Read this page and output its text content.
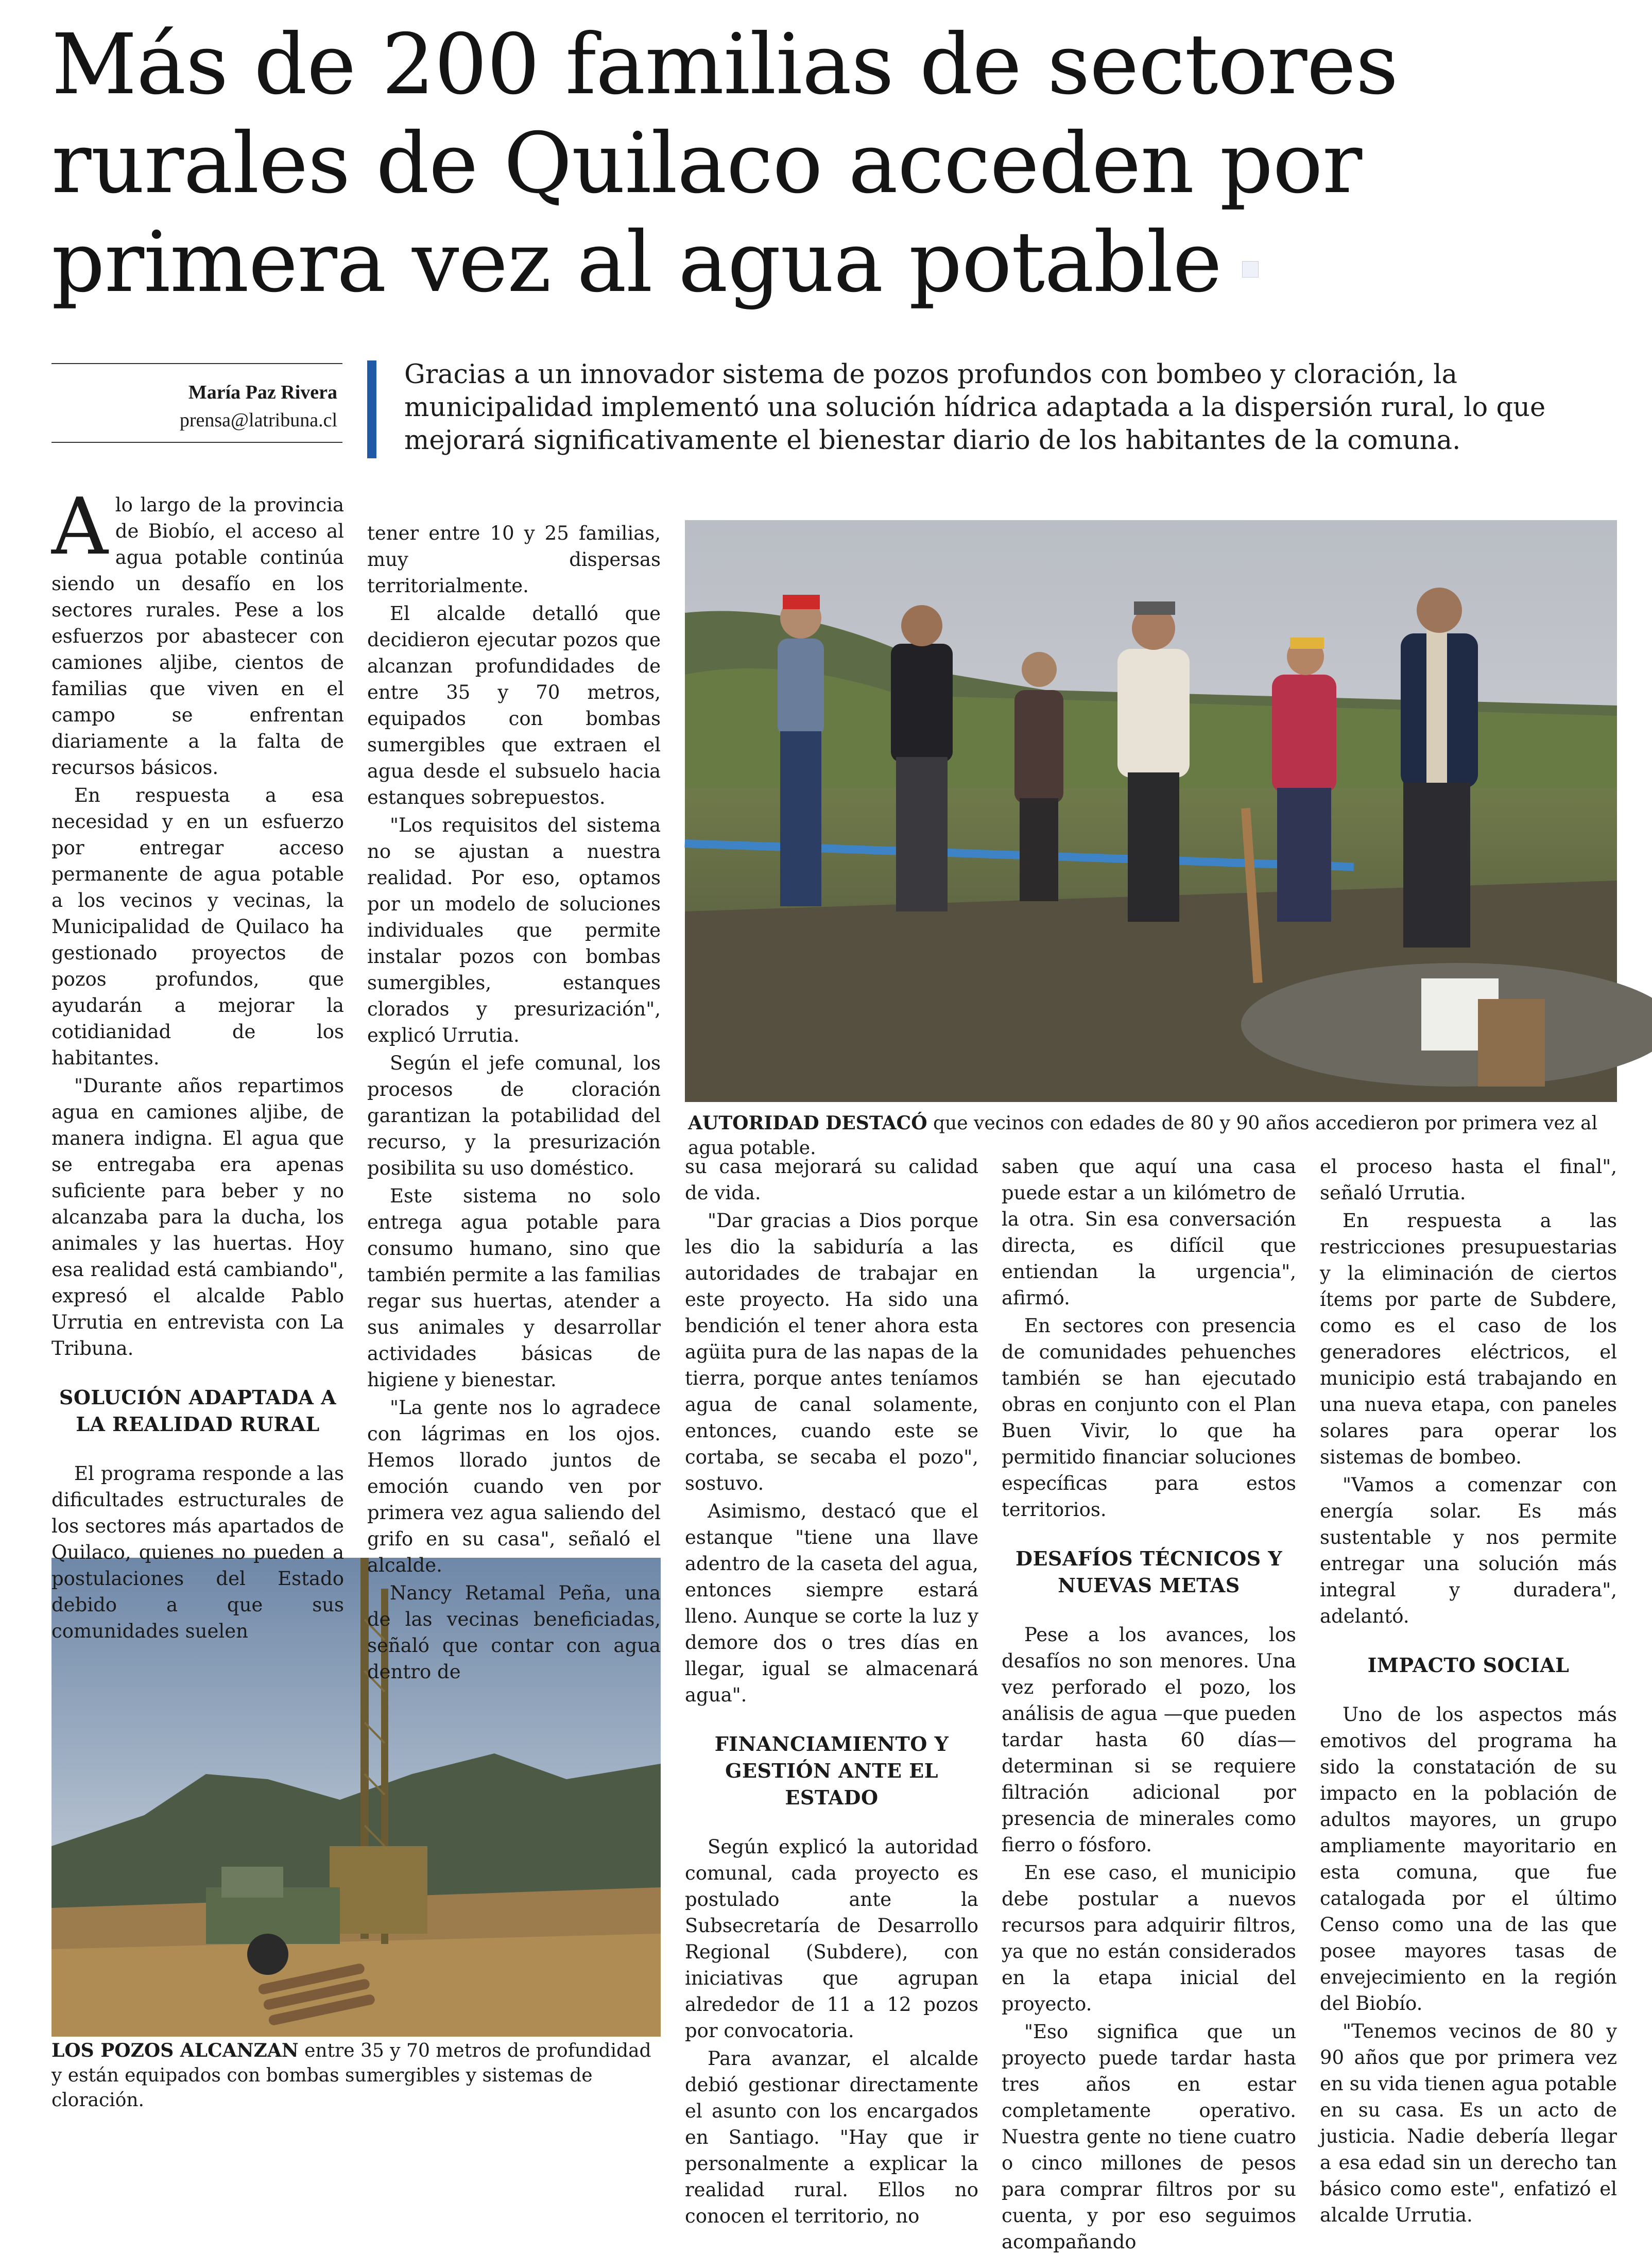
Más de 200 familias de sectores rurales de Quilaco acceden por primera vez al agua potable
María Paz Rivera
prensa@latribuna.cl

Gracias a un innovador sistema de pozos profundos con bombeo y cloración, la municipalidad implementó una solución hídrica adaptada a la dispersión rural, lo que mejorará significativamente el bienestar diario de los habitantes de la comuna.

AUTORIDAD DESTACÓ que vecinos con edades de 80 y 90 años accedieron por primera vez al agua potable.
LOS POZOS ALCANZAN entre 35 y 70 metros de profundidad y están equipados con bombas sumergibles y sistemas de cloración.

Alo largo de la provincia de Biobío, el acceso al agua potable continúa siendo un desafío en los sectores rurales. Pese a los esfuerzos por abastecer con camiones aljibe, cientos de familias que viven en el campo se enfrentan diariamente a la falta de recursos básicos.

En respuesta a esa necesidad y en un esfuerzo por entregar acceso permanente de agua potable a los vecinos y vecinas, la Municipalidad de Quilaco ha gestionado proyectos de pozos profundos, que ayudarán a mejorar la cotidianidad de los habitantes.

"Durante años repartimos agua en camiones aljibe, de manera indigna. El agua que se entregaba era apenas suficiente para beber y no alcanzaba para la ducha, los animales y las huertas. Hoy esa realidad está cambiando", expresó el alcalde Pablo Urrutia en entrevista con La Tribuna.

SOLUCIÓN ADAPTADA A LA REALIDAD RURAL

El programa responde a las dificultades estructurales de los sectores más apartados de Quilaco, quienes no pueden a postulaciones del Estado debido a que sus comunidades suelen

tener entre 10 y 25 familias, muy dispersas territorialmente.

El alcalde detalló que decidieron ejecutar pozos que alcanzan profundidades de entre 35 y 70 metros, equipados con bombas sumergibles que extraen el agua desde el subsuelo hacia estanques sobrepuestos.

"Los requisitos del sistema no se ajustan a nuestra realidad. Por eso, optamos por un modelo de soluciones individuales que permite instalar pozos con bombas sumergibles, estanques clorados y presurización", explicó Urrutia.

Según el jefe comunal, los procesos de cloración garantizan la potabilidad del recurso, y la presurización posibilita su uso doméstico.

Este sistema no solo entrega agua potable para consumo humano, sino que también permite a las familias regar sus huertas, atender a sus animales y desarrollar actividades básicas de higiene y bienestar.

"La gente nos lo agradece con lágrimas en los ojos. Hemos llorado juntos de emoción cuando ven por primera vez agua saliendo del grifo en su casa", señaló el alcalde.

Nancy Retamal Peña, una de las vecinas beneficiadas, señaló que contar con agua dentro de

su casa mejorará su calidad de vida.

"Dar gracias a Dios porque les dio la sabiduría a las autoridades de trabajar en este proyecto. Ha sido una bendición el tener ahora esta agüita pura de las napas de la tierra, porque antes teníamos agua de canal solamente, entonces, cuando este se cortaba, se secaba el pozo", sostuvo.

Asimismo, destacó que el estanque "tiene una llave adentro de la caseta del agua, entonces siempre estará lleno. Aunque se corte la luz y demore dos o tres días en llegar, igual se almacenará agua".

FINANCIAMIENTO Y GESTIÓN ANTE EL ESTADO

Según explicó la autoridad comunal, cada proyecto es postulado ante la Subsecretaría de Desarrollo Regional (Subdere), con iniciativas que agrupan alrededor de 11 a 12 pozos por convocatoria.

Para avanzar, el alcalde debió gestionar directamente el asunto con los encargados en Santiago. "Hay que ir personalmente a explicar la realidad rural. Ellos no conocen el territorio, no

saben que aquí una casa puede estar a un kilómetro de la otra. Sin esa conversación directa, es difícil que entiendan la urgencia", afirmó.

En sectores con presencia de comunidades pehuenches también se han ejecutado obras en conjunto con el Plan Buen Vivir, lo que ha permitido financiar soluciones específicas para estos territorios.

DESAFÍOS TÉCNICOS Y NUEVAS METAS

Pese a los avances, los desafíos no son menores. Una vez perforado el pozo, los análisis de agua —que pueden tardar hasta 60 días— determinan si se requiere filtración adicional por presencia de minerales como fierro o fósforo.

En ese caso, el municipio debe postular a nuevos recursos para adquirir filtros, ya que no están considerados en la etapa inicial del proyecto.

"Eso significa que un proyecto puede tardar hasta tres años en estar completamente operativo. Nuestra gente no tiene cuatro o cinco millones de pesos para comprar filtros por su cuenta, y por eso seguimos acompañando

el proceso hasta el final", señaló Urrutia.

En respuesta a las restricciones presupuestarias y la eliminación de ciertos ítems por parte de Subdere, como es el caso de los generadores eléctricos, el municipio está trabajando en una nueva etapa, con paneles solares para operar los sistemas de bombeo.

"Vamos a comenzar con energía solar. Es más sustentable y nos permite entregar una solución más integral y duradera", adelantó.

IMPACTO SOCIAL

Uno de los aspectos más emotivos del programa ha sido la constatación de su impacto en la población de adultos mayores, un grupo ampliamente mayoritario en esta comuna, que fue catalogada por el último Censo como una de las que posee mayores tasas de envejecimiento en la región del Biobío.

"Tenemos vecinos de 80 y 90 años que por primera vez en su vida tienen agua potable en su casa. Es un acto de justicia. Nadie debería llegar a esa edad sin un derecho tan básico como este", enfatizó el alcalde Urrutia.
